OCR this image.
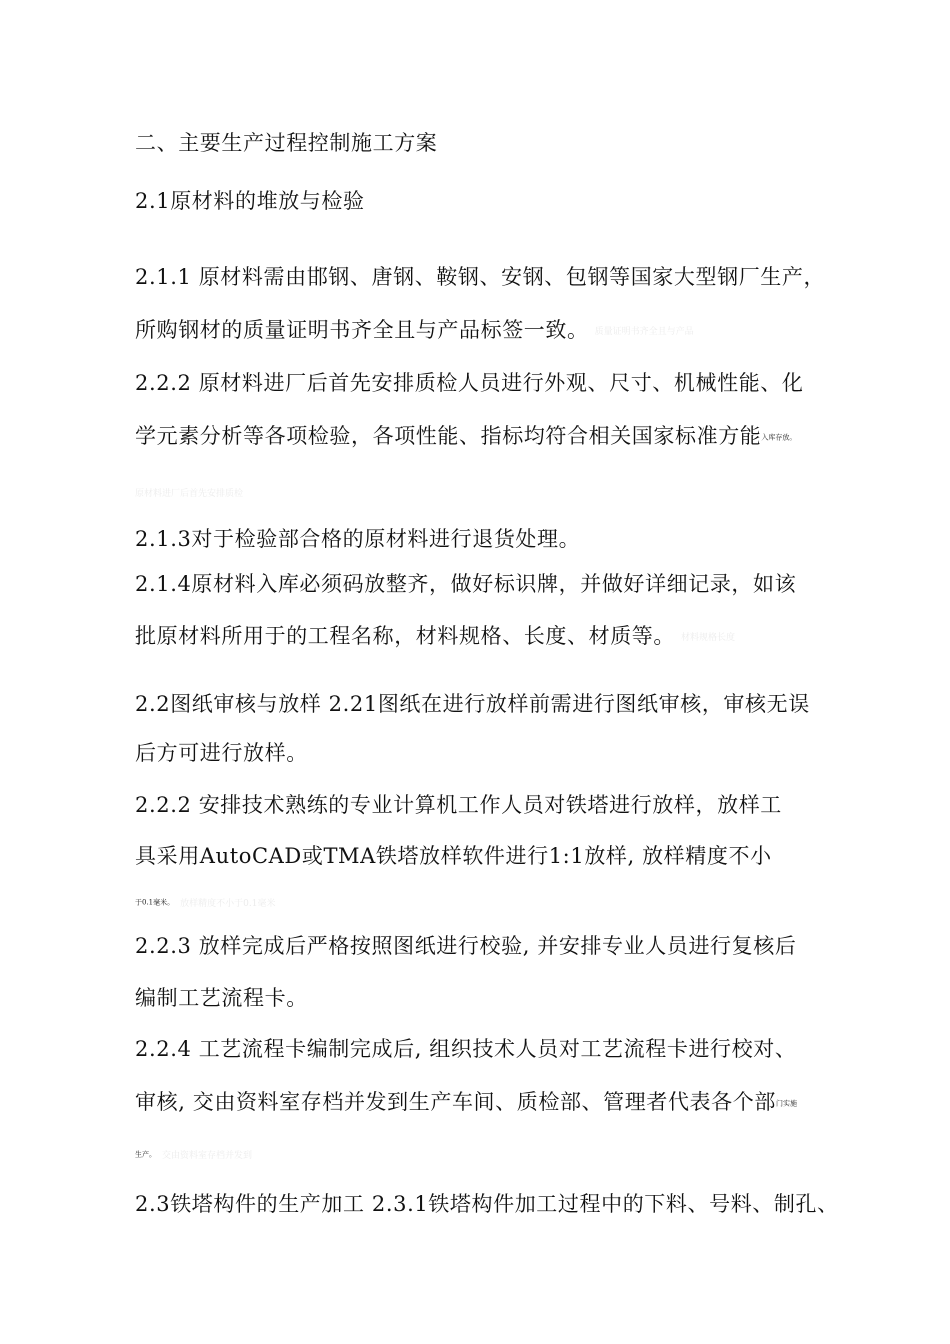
二、主要生产过程控制施工方案
2.1原材料的堆放与检验
2.1.1 原材料需由邯钢、唐钢、鞍钢、安钢、包钢等国家大型钢厂生产，
所购钢材的质量证明书齐全且与产品标签一致。 质量证明书齐全且与产品
2.2.2 原材料进厂后首先安排质检人员进行外观、尺寸、机械性能、化
学元素分析等各项检验，各项性能、指标均符合相关国家标准方能入库存放。
原材料进厂后首先安排质检
2.1.3对于检验部合格的原材料进行退货处理。
2.1.4原材料入库必须码放整齐，做好标识牌，并做好详细记录，如该
批原材料所用于的工程名称，材料规格、长度、材质等。 材料规格长度
2.2图纸审核与放样 2.21图纸在进行放样前需进行图纸审核，审核无误
后方可进行放样。
2.2.2 安排技术熟练的专业计算机工作人员对铁塔进行放样，放样工
具采用AutoCAD或TMA铁塔放样软件进行1:1放样, 放样精度不小
于0.1毫米。 放样精度不小于0.1毫米
2.2.3 放样完成后严格按照图纸进行校验, 并安排专业人员进行复核后
编制工艺流程卡。
2.2.4 工艺流程卡编制完成后, 组织技术人员对工艺流程卡进行校对、
审核, 交由资料室存档并发到生产车间、质检部、管理者代表各个部门实施
生产。 交由资料室存档并发到
2.3铁塔构件的生产加工 2.3.1铁塔构件加工过程中的下料、号料、制孔、
